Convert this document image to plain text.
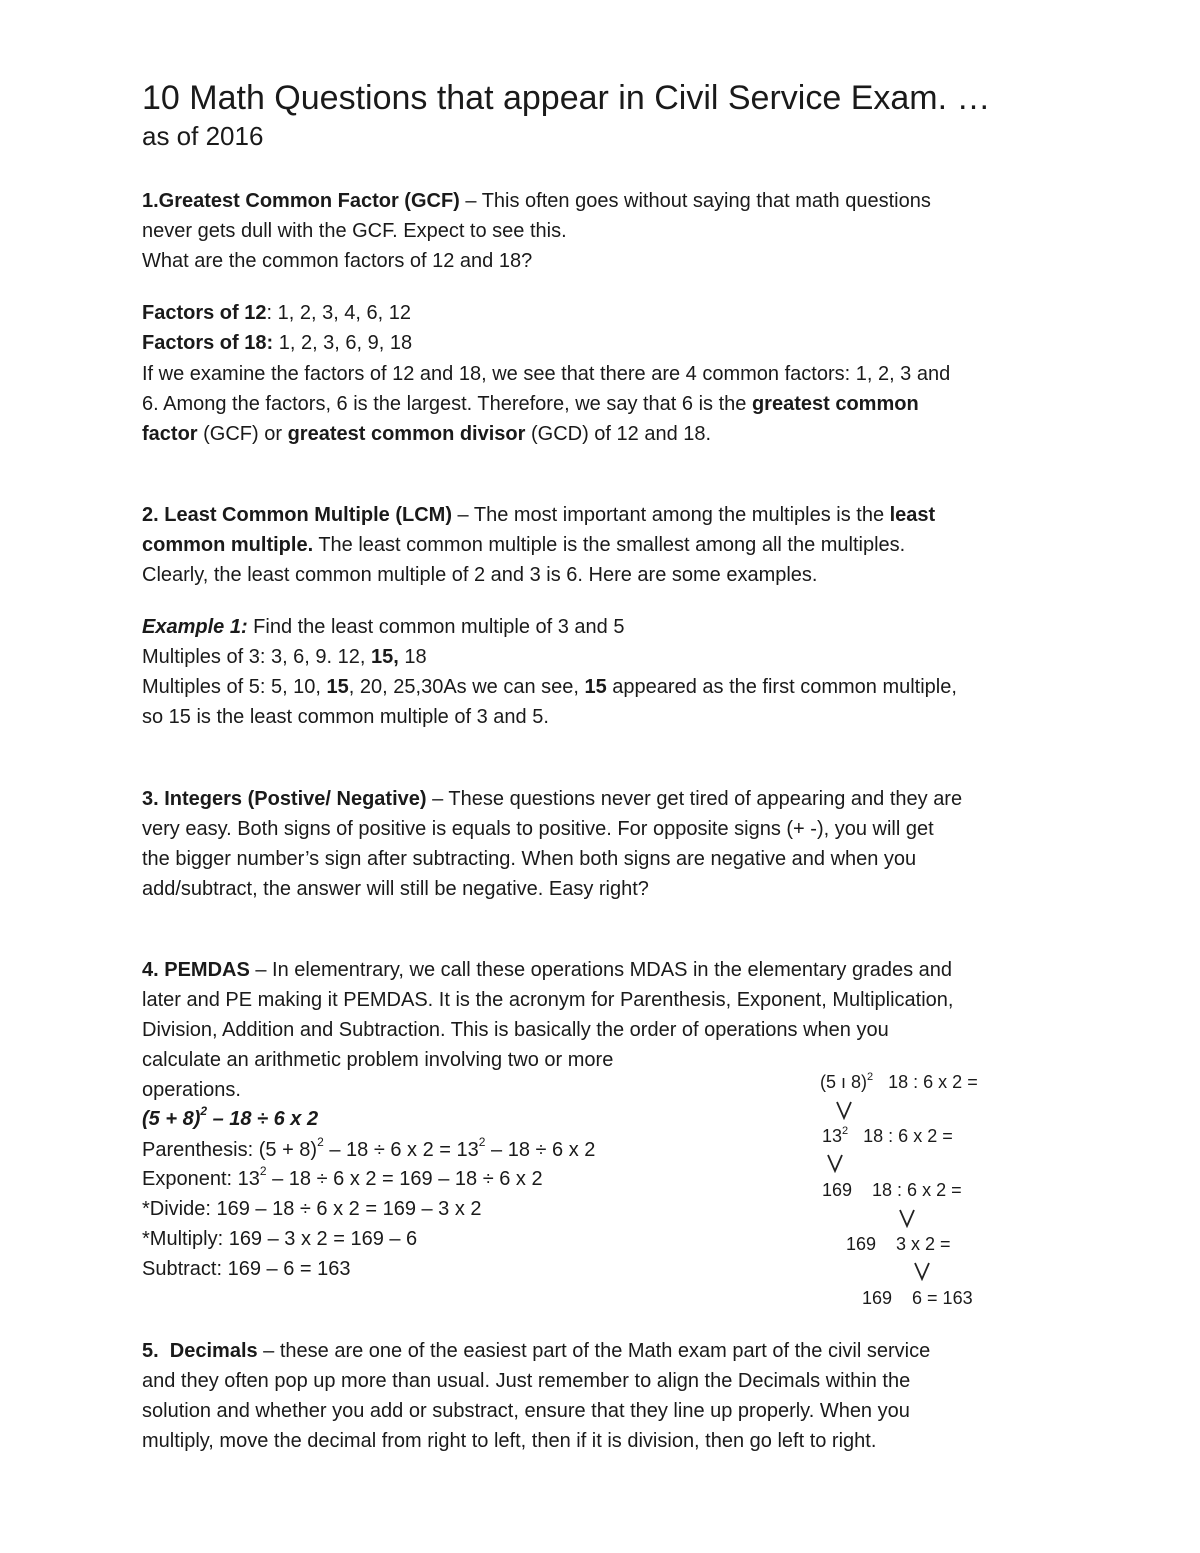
10 Math Questions that appear in Civil Service Exam. …
as of 2016
1.Greatest Common Factor (GCF) – This often goes without saying that math questions
never gets dull with the GCF. Expect to see this.
What are the common factors of 12 and 18?
Factors of 12: 1, 2, 3, 4, 6, 12
Factors of 18: 1, 2, 3, 6, 9, 18
If we examine the factors of 12 and 18, we see that there are 4 common factors: 1, 2, 3 and
6. Among the factors, 6 is the largest. Therefore, we say that 6 is the greatest common
factor (GCF) or greatest common divisor (GCD) of 12 and 18.
2. Least Common Multiple (LCM) – The most important among the multiples is the least
common multiple. The least common multiple is the smallest among all the multiples.
Clearly, the least common multiple of 2 and 3 is 6. Here are some examples.
Example 1: Find the least common multiple of 3 and 5
Multiples of 3: 3, 6, 9. 12, 15, 18
Multiples of 5: 5, 10, 15, 20, 25,30As we can see, 15 appeared as the first common multiple,
so 15 is the least common multiple of 3 and 5.
3. Integers (Postive/ Negative) – These questions never get tired of appearing and they are
very easy. Both signs of positive is equals to positive. For opposite signs (+ -), you will get
the bigger number’s sign after subtracting. When both signs are negative and when you
add/subtract, the answer will still be negative. Easy right?
4. PEMDAS – In elementrary, we call these operations MDAS in the elementary grades and
later and PE making it PEMDAS. It is the acronym for Parenthesis, Exponent, Multiplication,
Division, Addition and Subtraction. This is basically the order of operations when you
calculate an arithmetic problem involving two or more
operations.
$(5 + 8)^2 - 18 \div 6$ x 2
Parenthesis: $(5 + 8)^2 - 18 \div 6$ x $2 = 13^2 - 18 \div 6$ x 2
Exponent: $13^2 - 18 \div 6$ x 2 = 169 – 18 ÷ 6 x 2
*Divide: 169 – 18 ÷ 6 x 2 = 169 – 3 x 2
*Multiply: 169 – 3 x 2 = 169 – 6
Subtract: 169 – 6 = 163
(5 ı 8)$^2$   18 : 6 x 2 =
$13^2$   18 : 6 x 2 =
169    18 : 6 x 2 =
169    3 x 2 =
169    6 = 163
5.  Decimals – these are one of the easiest part of the Math exam part of the civil service
and they often pop up more than usual. Just remember to align the Decimals within the
solution and whether you add or substract, ensure that they line up properly. When you
multiply, move the decimal from right to left, then if it is division, then go left to right.
